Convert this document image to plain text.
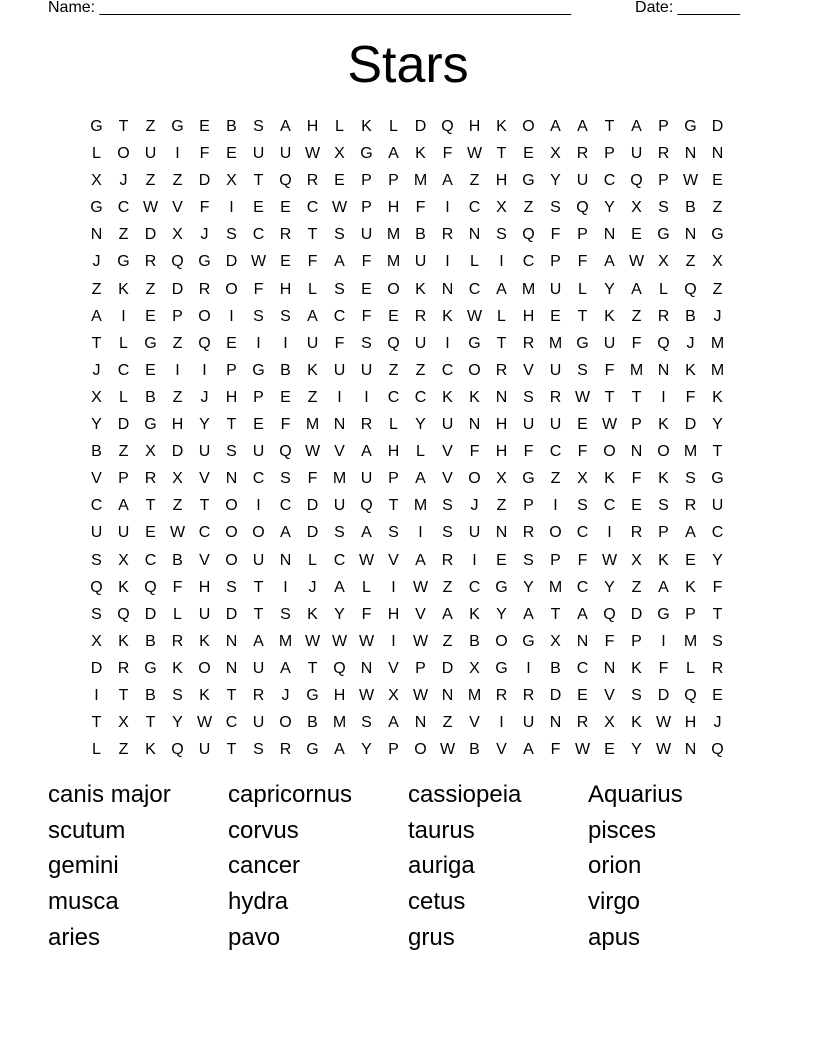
Name: _____________________________________________________	Date: _______
Stars
G T	Z G E	B	S	A H	L	K	L	D Q H K O A	A	T	A	P G D
L	O U	I	F	E U U W X G A	K	F W T	E	X R P U R N N
X	J	Z	Z	D X	T Q R E	P	P M A	Z	H G Y U C Q P W E
G C W V	F	I	E	E C W P H	F	I	C X	Z	S Q Y	X	S	B	Z
N	Z	D X	J	S C R	T	S U M B R N S Q F	P N E G N G
J	G R Q G D W E	F	A	F M U	I	L	I	C P	F	A W X	Z	X
Z	K	Z	D R O F	H	L	S	E O K N C A M U	L	Y	A	L	Q Z
A	I	E	P O	I	S	S	A C	F	E R K W L	H E	T	K	Z	R B	J
T	L	G Z Q E	I	I	U	F	S Q U	I	G T	R M G U	F Q	J	M
J	C E	I	I	P G B	K U U	Z	Z	C O R V U S	F M N K M
X	L	B	Z	J	H P	E	Z	I	I	C C K	K N S R W T	T	I	F	K
Y D G H Y	T	E	F M N R	L	Y U N H U U E W P	K D Y
B	Z	X D U S U Q W V	A H	L	V	F	H	F	C	F O N O M T
V	P R X	V N C S	F M U P	A	V O X G Z	X	K	F	K	S G
C A	T	Z	T O	I	C D U Q T M S	J	Z	P	I	S C E	S R U
U U E W C O O A D S	A	S	I	S U N R O C	I	R P	A C
S	X C B	V O U N	L	C W V	A R	I	E	S	P	F W X	K	E	Y
Q K Q F	H S	T	I	J	A	L	I	W Z	C G Y M C Y	Z	A	K	F
S Q D	L	U D	T	S	K	Y	F	H V	A	K	Y	A	T	A Q D G P	T
X	K	B R K N A M W W W	I	W Z	B O G X N	F	P	I	M S
D R G K O N U A	T Q N V	P D X G	I	B C N K	F	L	R
I	T	B	S	K	T	R	J	G H W X W N M R R D E	V	S D Q E
T	X	T	Y W C U O B M S	A N	Z	V	I	U N R X	K W H	J
L	Z	K Q U	T	S R G A	Y	P O W B	V	A	F W E	Y W N Q
canis major	capricornus	cassiopeia	Aquarius
scutum	corvus	taurus	pisces
gemini	cancer	auriga	orion
musca	hydra	cetus	virgo
aries	pavo	grus	apus
